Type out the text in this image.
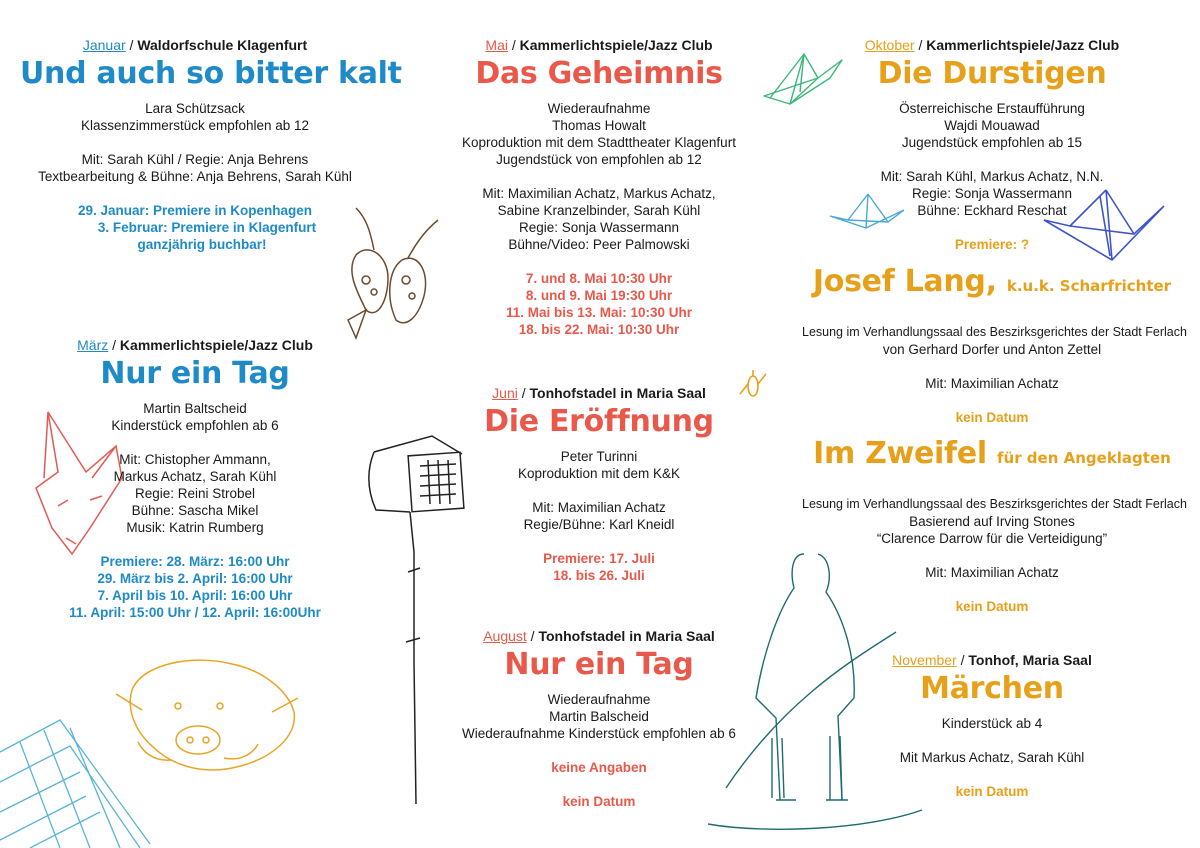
Januar / Waldorfschule Klagenfurt
Und auch so bitter kalt
Lara Schützsack
Klassenzimmerstück empfohlen ab 12
Mit: Sarah Kühl / Regie: Anja Behrens
Textbearbeitung & Bühne: Anja Behrens, Sarah Kühl
29. Januar: Premiere in Kopenhagen
3. Februar: Premiere in Klagenfurt
ganzjährig buchbar!
März / Kammerlichtspiele/Jazz Club
Nur ein Tag
Martin Baltscheid
Kinderstück empfohlen ab 6
Mit: Chistopher Ammann,
Markus Achatz, Sarah Kühl
Regie: Reini Strobel
Bühne: Sascha Mikel
Musik: Katrin Rumberg
Premiere: 28. März: 16:00 Uhr
29. März bis 2. April: 16:00 Uhr
7. April bis 10. April: 16:00 Uhr
11. April: 15:00 Uhr / 12. April: 16:00Uhr
Mai / Kammerlichtspiele/Jazz Club
Das Geheimnis
Wiederaufnahme
Thomas Howalt
Koproduktion mit dem Stadttheater Klagenfurt
Jugendstück von empfohlen ab 12
Mit: Maximilian Achatz, Markus Achatz,
Sabine Kranzelbinder, Sarah Kühl
Regie: Sonja Wassermann
Bühne/Video: Peer Palmowski
7. und 8. Mai 10:30 Uhr
8. und 9. Mai 19:30 Uhr
11. Mai bis 13. Mai: 10:30 Uhr
18. bis 22. Mai: 10:30 Uhr
Juni / Tonhofstadel in Maria Saal
Die Eröffnung
Peter Turinni
Koproduktion mit dem K&K
Mit: Maximilian Achatz
Regie/Bühne: Karl Kneidl
Premiere: 17. Juli
18. bis 26. Juli
August / Tonhofstadel in Maria Saal
Nur ein Tag
Wiederaufnahme
Martin Balscheid
Wiederaufnahme Kinderstück empfohlen ab 6
keine Angaben
kein Datum
Oktober / Kammerlichtspiele/Jazz Club
Die Durstigen
Österreichische Erstaufführung
Wajdi Mouawad
Jugendstück empfohlen ab 15
Mit: Sarah Kühl, Markus Achatz, N.N.
Regie: Sonja Wassermann
Bühne: Eckhard Reschat
Premiere: ?
Josef Lang, k.u.k. Scharfrichter
Lesung im Verhandlungssaal des Beszirksgerichtes der Stadt Ferlach
von Gerhard Dorfer und Anton Zettel
Mit: Maximilian Achatz
kein Datum
Im Zweifel für den Angeklagten
Lesung im Verhandlungssaal des Beszirksgerichtes der Stadt Ferlach
Basierend auf Irving Stones
“Clarence Darrow für die Verteidigung”
Mit: Maximilian Achatz
kein Datum
November / Tonhof, Maria Saal
Märchen
Kinderstück ab 4
Mit Markus Achatz, Sarah Kühl
kein Datum
